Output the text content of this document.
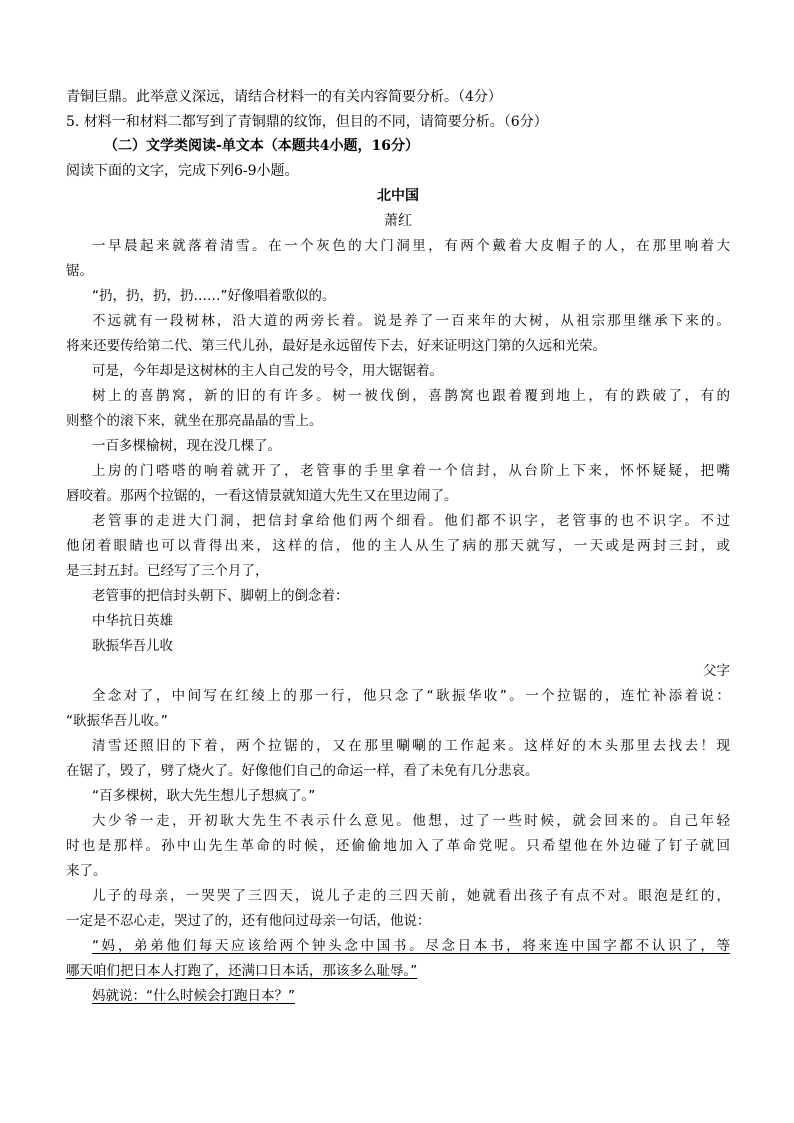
青铜巨鼎。此举意义深远，请结合材料一的有关内容简要分析。（4分）
5. 材料一和材料二都写到了青铜鼎的纹饰，但目的不同，请简要分析。（6分）
（二）文学类阅读-单文本（本题共4小题，16分）
阅读下面的文字，完成下列6-9小题。
北中国
萧红
一早晨起来就落着清雪。在一个灰色的大门洞里，有两个戴着大皮帽子的人，在那里响着大
锯。
“扔，扔，扔，扔……”好像唱着歌似的。
不远就有一段树林，沿大道的两旁长着。说是养了一百来年的大树，从祖宗那里继承下来的。
将来还要传给第二代、第三代儿孙，最好是永远留传下去，好来证明这门第的久远和光荣。
可是，今年却是这树林的主人自己发的号令，用大锯锯着。
树上的喜鹊窝，新的旧的有许多。树一被伐倒，喜鹊窝也跟着覆到地上，有的跌破了，有的
则整个的滚下来，就坐在那亮晶晶的雪上。
一百多棵榆树，现在没几棵了。
上房的门嗒嗒的响着就开了，老管事的手里拿着一个信封，从台阶上下来，怀怀疑疑，把嘴
唇咬着。那两个拉锯的，一看这情景就知道大先生又在里边闹了。
老管事的走进大门洞，把信封拿给他们两个细看。他们都不识字，老管事的也不识字。不过
他闭着眼睛也可以背得出来，这样的信，他的主人从生了病的那天就写，一天或是两封三封，或
是三封五封。已经写了三个月了，
老管事的把信封头朝下、脚朝上的倒念着：
中华抗日英雄
耿振华吾儿收
父字
全念对了，中间写在红绫上的那一行，他只念了“耿振华收”。一个拉锯的，连忙补添着说：
“耿振华吾儿收。”
清雪还照旧的下着，两个拉锯的，又在那里唰唰的工作起来。这样好的木头那里去找去！现
在锯了，毁了，劈了烧火了。好像他们自己的命运一样，看了未免有几分悲哀。
“百多棵树，耿大先生想儿子想疯了。”
大少爷一走，开初耿大先生不表示什么意见。他想，过了一些时候，就会回来的。自己年轻
时也是那样。孙中山先生革命的时候，还偷偷地加入了革命党呢。只希望他在外边碰了钉子就回
来了。
儿子的母亲，一哭哭了三四天，说儿子走的三四天前，她就看出孩子有点不对。眼泡是红的，
一定是不忍心走，哭过了的，还有他问过母亲一句话，他说：
“妈，弟弟他们每天应该给两个钟头念中国书。尽念日本书，将来连中国字都不认识了，等
哪天咱们把日本人打跑了，还满口日本话，那该多么耻辱。”
妈就说：“什么时候会打跑日本？”
